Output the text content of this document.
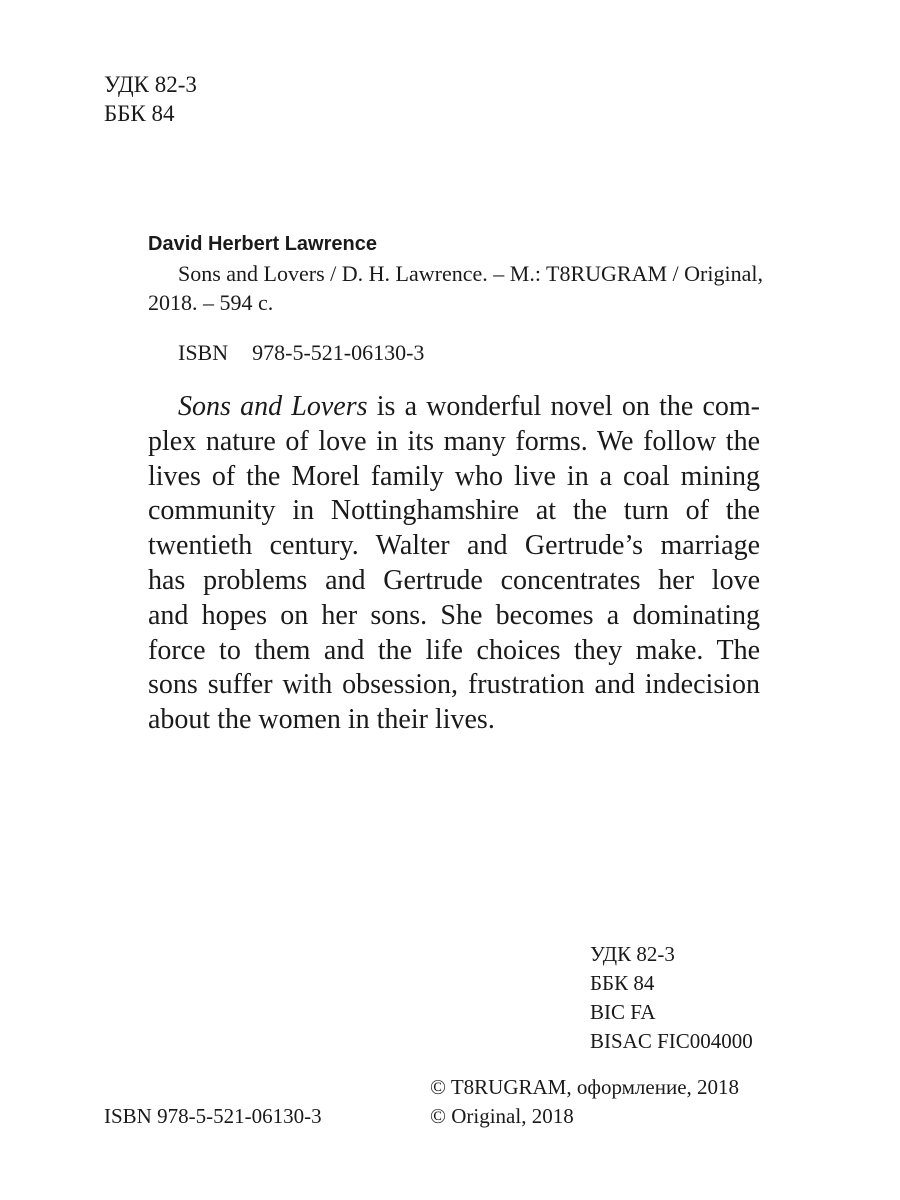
УДК 82-3
ББК 84
David Herbert Lawrence
Sons and Lovers / D. H. Lawrence. – M.: T8RUGRAM / Original,
2018. – 594 c.
ISBN 978-5-521-06130-3
Sons and Lovers is a wonderful novel on the com-
plex nature of love in its many forms. We follow the
lives of the Morel family who live in a coal mining
community in Nottinghamshire at the turn of the
twentieth century. Walter and Gertrude’s marriage
has problems and Gertrude concentrates her love
and hopes on her sons. She becomes a dominating
force to them and the life choices they make. The
sons suffer with obsession, frustration and indecision
about the women in their lives.
УДК 82-3
ББК 84
BIC FA
BISAC FIC004000
© T8RUGRAM, оформление, 2018
© Original, 2018
ISBN 978-5-521-06130-3
